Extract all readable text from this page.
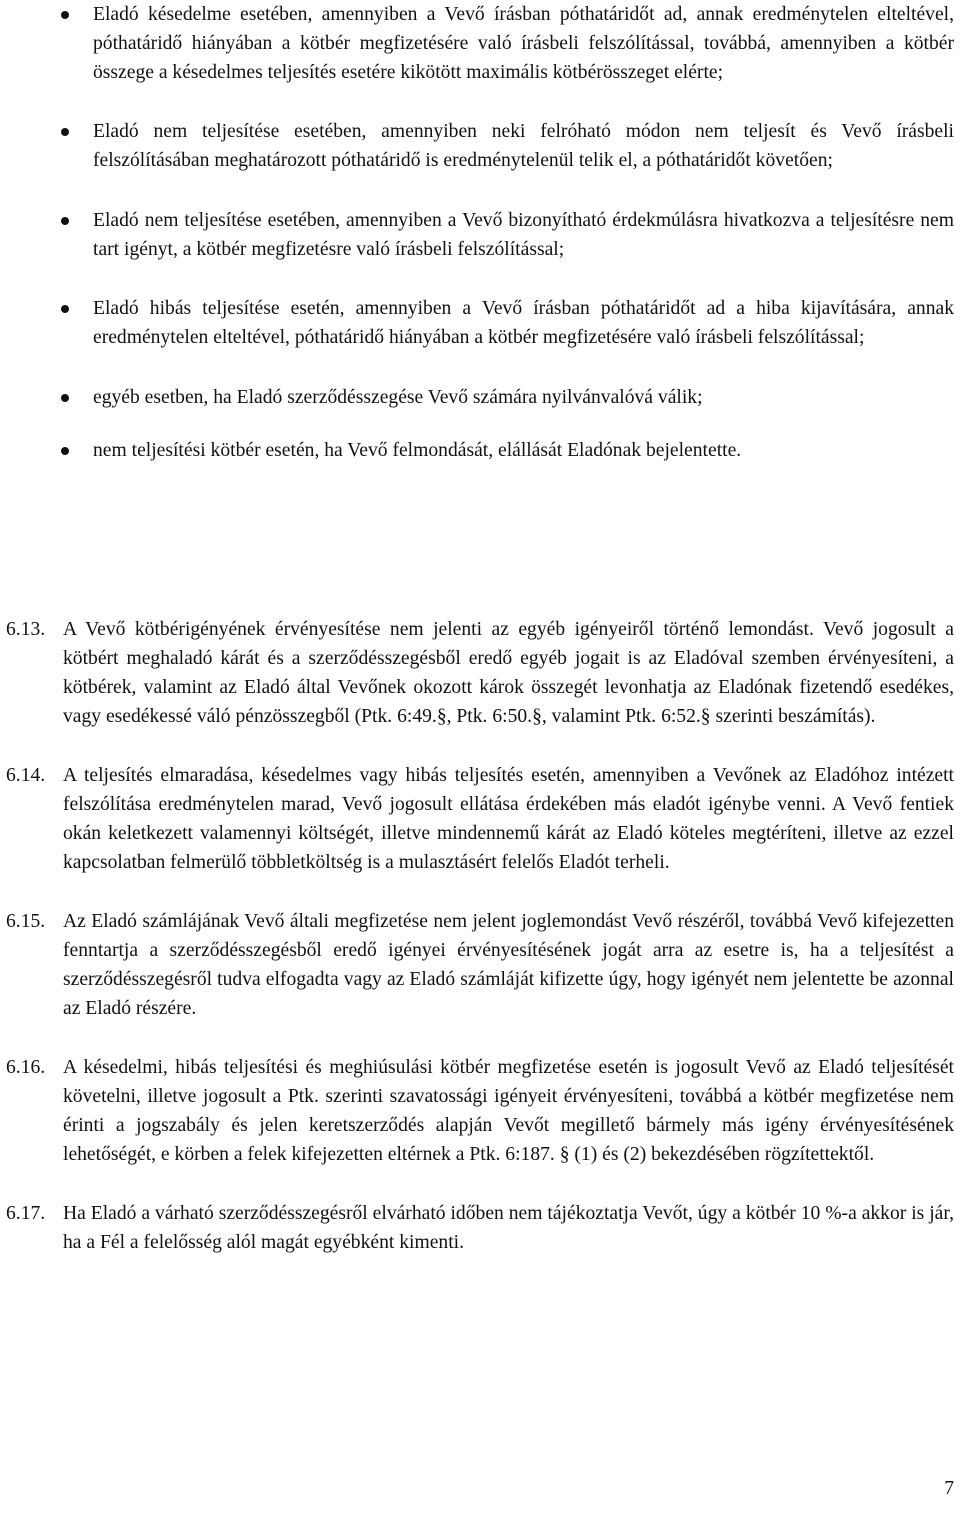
Eladó késedelme esetében, amennyiben a Vevő írásban póthatáridőt ad, annak eredménytelen elteltével, póthatáridő hiányában a kötbér megfizetésére való írásbeli felszólítással, továbbá, amennyiben a kötbér összege a késedelmes teljesítés esetére kikötött maximális kötbérösszeget elérte;
Eladó nem teljesítése esetében, amennyiben neki felróható módon nem teljesít és Vevő írásbeli felszólításában meghatározott póthatáridő is eredménytelenül telik el, a póthatáridőt követően;
Eladó nem teljesítése esetében, amennyiben a Vevő bizonyítható érdekmúlásra hivatkozva a teljesítésre nem tart igényt, a kötbér megfizetésre való írásbeli felszólítással;
Eladó hibás teljesítése esetén, amennyiben a Vevő írásban póthatáridőt ad a hiba kijavítására, annak eredménytelen elteltével, póthatáridő hiányában a kötbér megfizetésére való írásbeli felszólítással;
egyéb esetben, ha Eladó szerződésszegése Vevő számára nyilvánvalóvá válik;
nem teljesítési kötbér esetén, ha Vevő felmondását, elállását Eladónak bejelentette.
6.13. A Vevő kötbérigényének érvényesítése nem jelenti az egyéb igényeiről történő lemondást. Vevő jogosult a kötbért meghaladó kárát és a szerződésszegésből eredő egyéb jogait is az Eladóval szemben érvényesíteni, a kötbérek, valamint az Eladó által Vevőnek okozott károk összegét levonhatja az Eladónak fizetendő esedékes, vagy esedékessé váló pénzösszegből (Ptk. 6:49.§, Ptk. 6:50.§, valamint Ptk. 6:52.§ szerinti beszámítás).
6.14. A teljesítés elmaradása, késedelmes vagy hibás teljesítés esetén, amennyiben a Vevőnek az Eladóhoz intézett felszólítása eredménytelen marad, Vevő jogosult ellátása érdekében más eladót igénybe venni. A Vevő fentiek okán keletkezett valamennyi költségét, illetve mindennemű kárát az Eladó köteles megtéríteni, illetve az ezzel kapcsolatban felmerülő többletköltség is a mulasztásért felelős Eladót terheli.
6.15. Az Eladó számlájának Vevő általi megfizetése nem jelent joglemondást Vevő részéről, továbbá Vevő kifejezetten fenntartja a szerződésszegésből eredő igényei érvényesítésének jogát arra az esetre is, ha a teljesítést a szerződésszegésről tudva elfogadta vagy az Eladó számláját kifizette úgy, hogy igényét nem jelentette be azonnal az Eladó részére.
6.16. A késedelmi, hibás teljesítési és meghiúsulási kötbér megfizetése esetén is jogosult Vevő az Eladó teljesítését követelni, illetve jogosult a Ptk. szerinti szavatossági igényeit érvényesíteni, továbbá a kötbér megfizetése nem érinti a jogszabály és jelen keretszerződés alapján Vevőt megillető bármely más igény érvényesítésének lehetőségét, e körben a felek kifejezetten eltérnek a Ptk. 6:187. § (1) és (2) bekezdésében rögzítettektől.
6.17. Ha Eladó a várható szerződésszegésről elvárható időben nem tájékoztatja Vevőt, úgy a kötbér 10 %-a akkor is jár, ha a Fél a felelősség alól magát egyébként kimenti.
7
